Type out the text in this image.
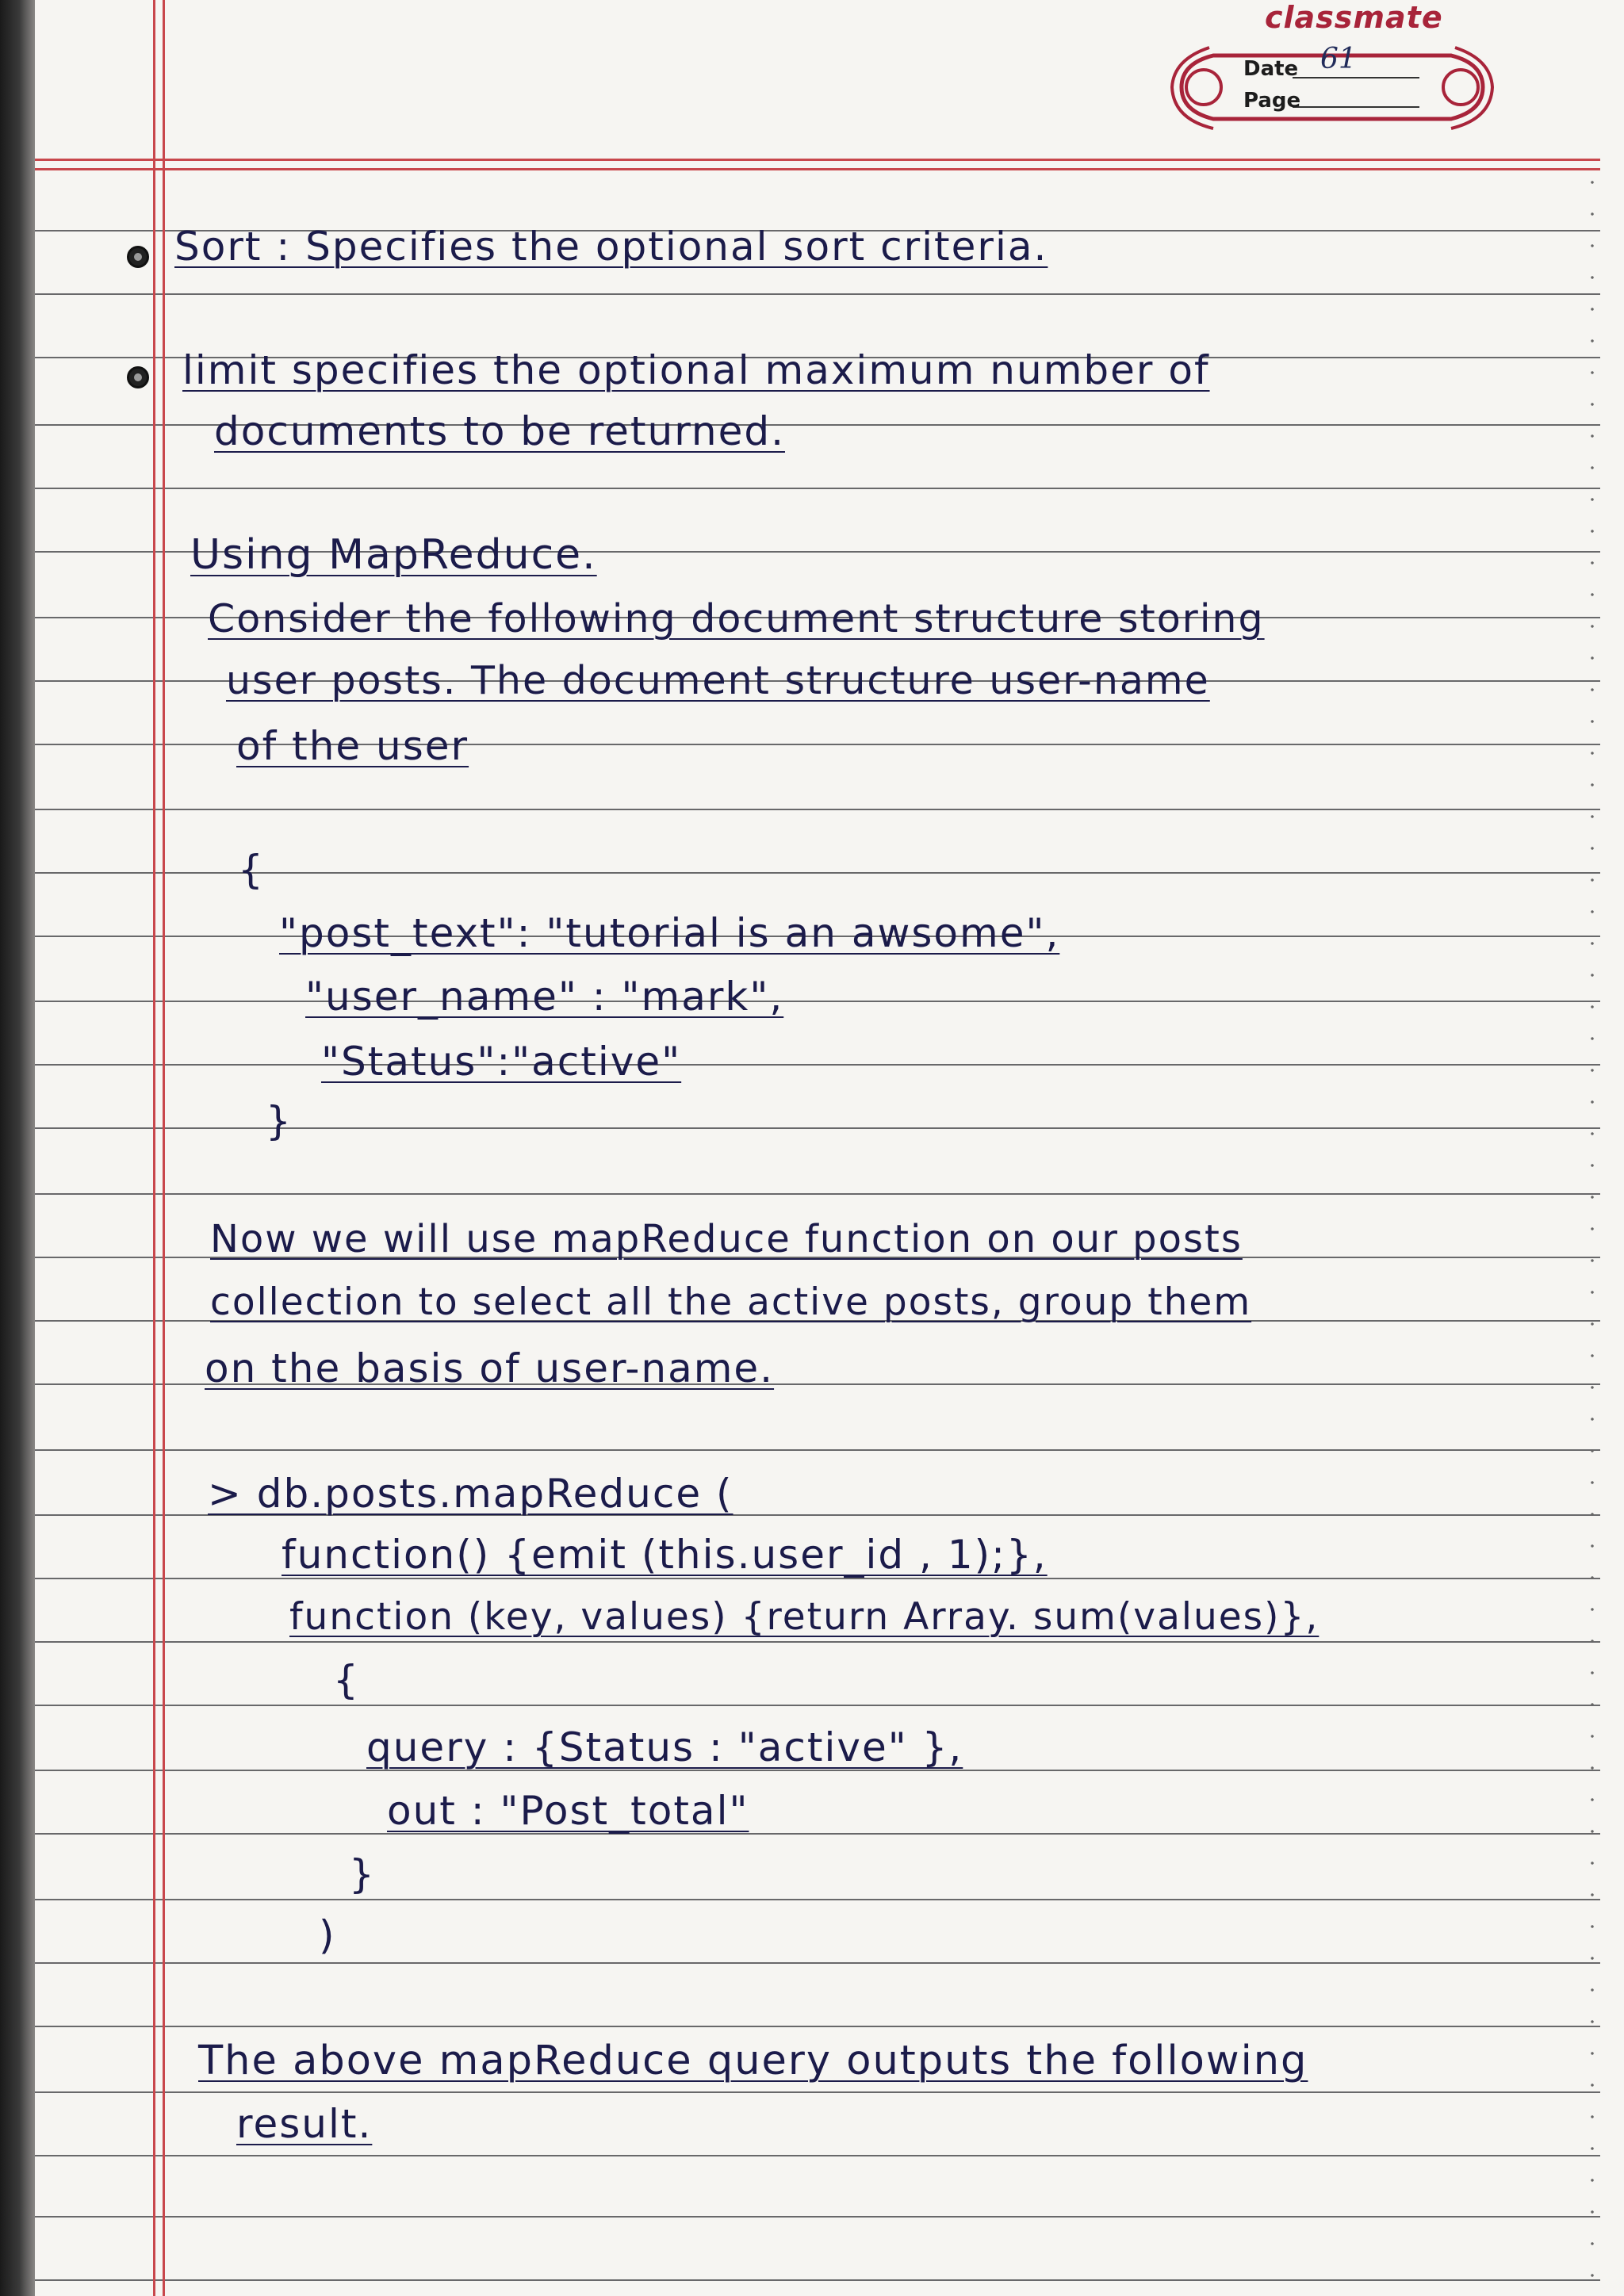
classmate
Date 61
Page
Sort : Specifies the optional sort criteria.
limit specifies the optional maximum number of
documents to be returned.
Using MapReduce.
Consider the following document structure storing
user posts. The document structure user-name
of the user
{
"post_text": "tutorial is an awsome",
"user_name" : "mark",
"Status":"active"
}
Now we will use mapReduce function on our posts
collection to select all the active posts, group them
on the basis of user-name.
> db.posts.mapReduce (
function() {emit (this.user_id , 1);},
function (key, values) {return Array. sum(values)},
{
query : {Status : "active" },
out : "Post_total"
}
)
The above mapReduce query outputs the following
result.
